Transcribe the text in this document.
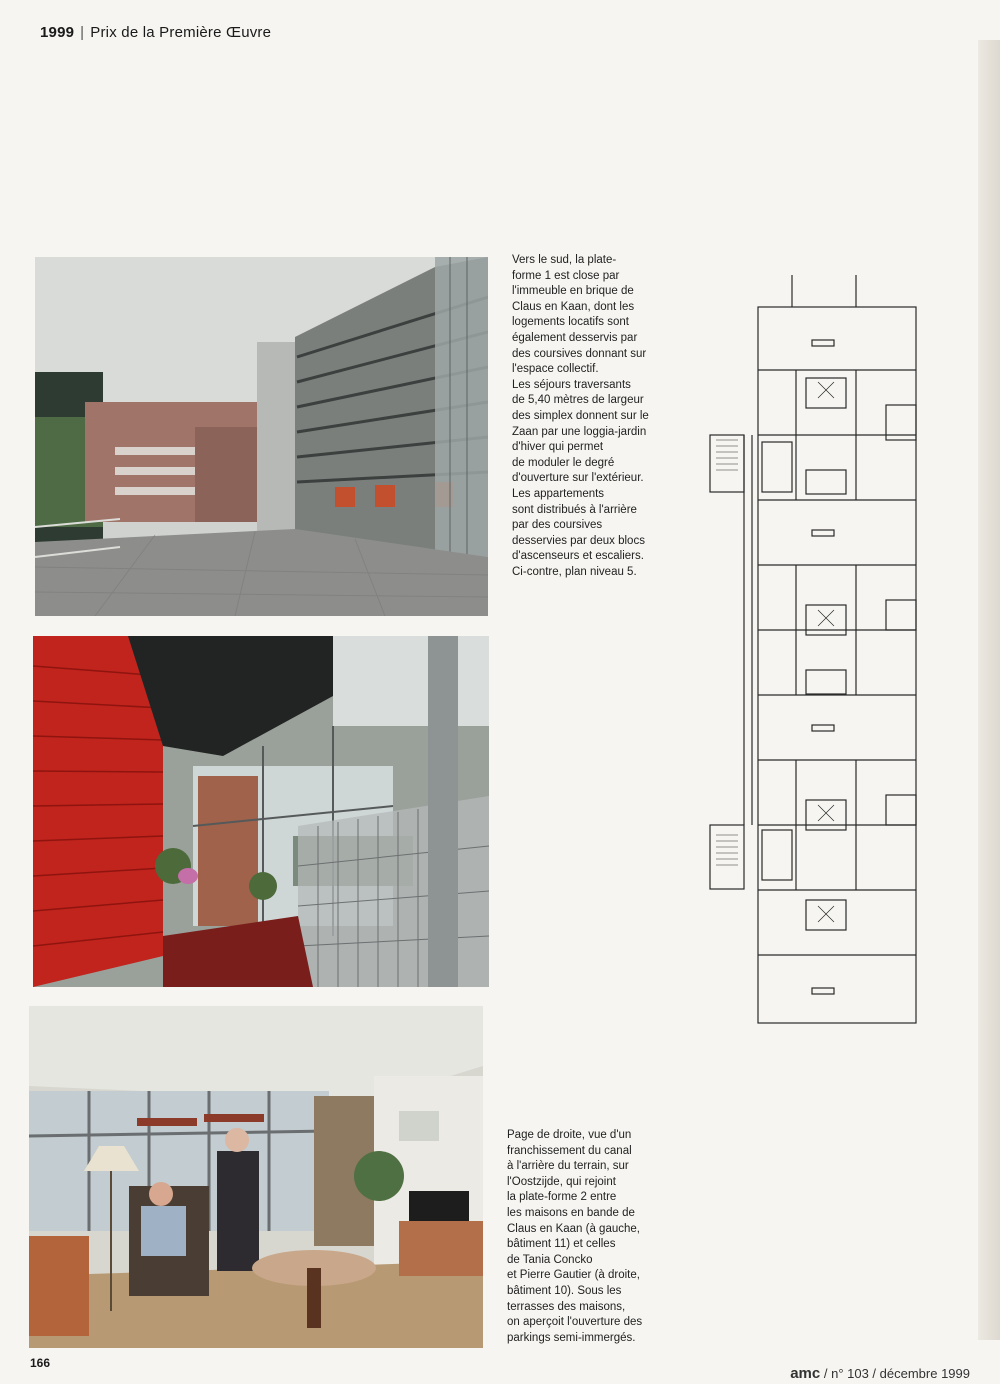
1999 | Prix de la Première Œuvre
Vers le sud, la plate-
forme 1 est close par
l'immeuble en brique de
Claus en Kaan, dont les
logements locatifs sont
également desservis par
des coursives donnant sur
l'espace collectif.
Les séjours traversants
de 5,40 mètres de largeur
des simplex donnent sur le
Zaan par une loggia-jardin
d'hiver qui permet
de moduler le degré
d'ouverture sur l'extérieur.
Les appartements
sont distribués à l'arrière
par des coursives
desservies par deux blocs
d'ascenseurs et escaliers.
Ci-contre, plan niveau 5.
Page de droite, vue d'un
franchissement du canal
à l'arrière du terrain, sur
l'Oostzijde, qui rejoint
la plate-forme 2 entre
les maisons en bande de
Claus en Kaan (à gauche,
bâtiment 11) et celles
de Tania Concko
et Pierre Gautier (à droite,
bâtiment 10). Sous les
terrasses des maisons,
on aperçoit l'ouverture des
parkings semi-immergés.
166
amc / n° 103 / décembre 1999
